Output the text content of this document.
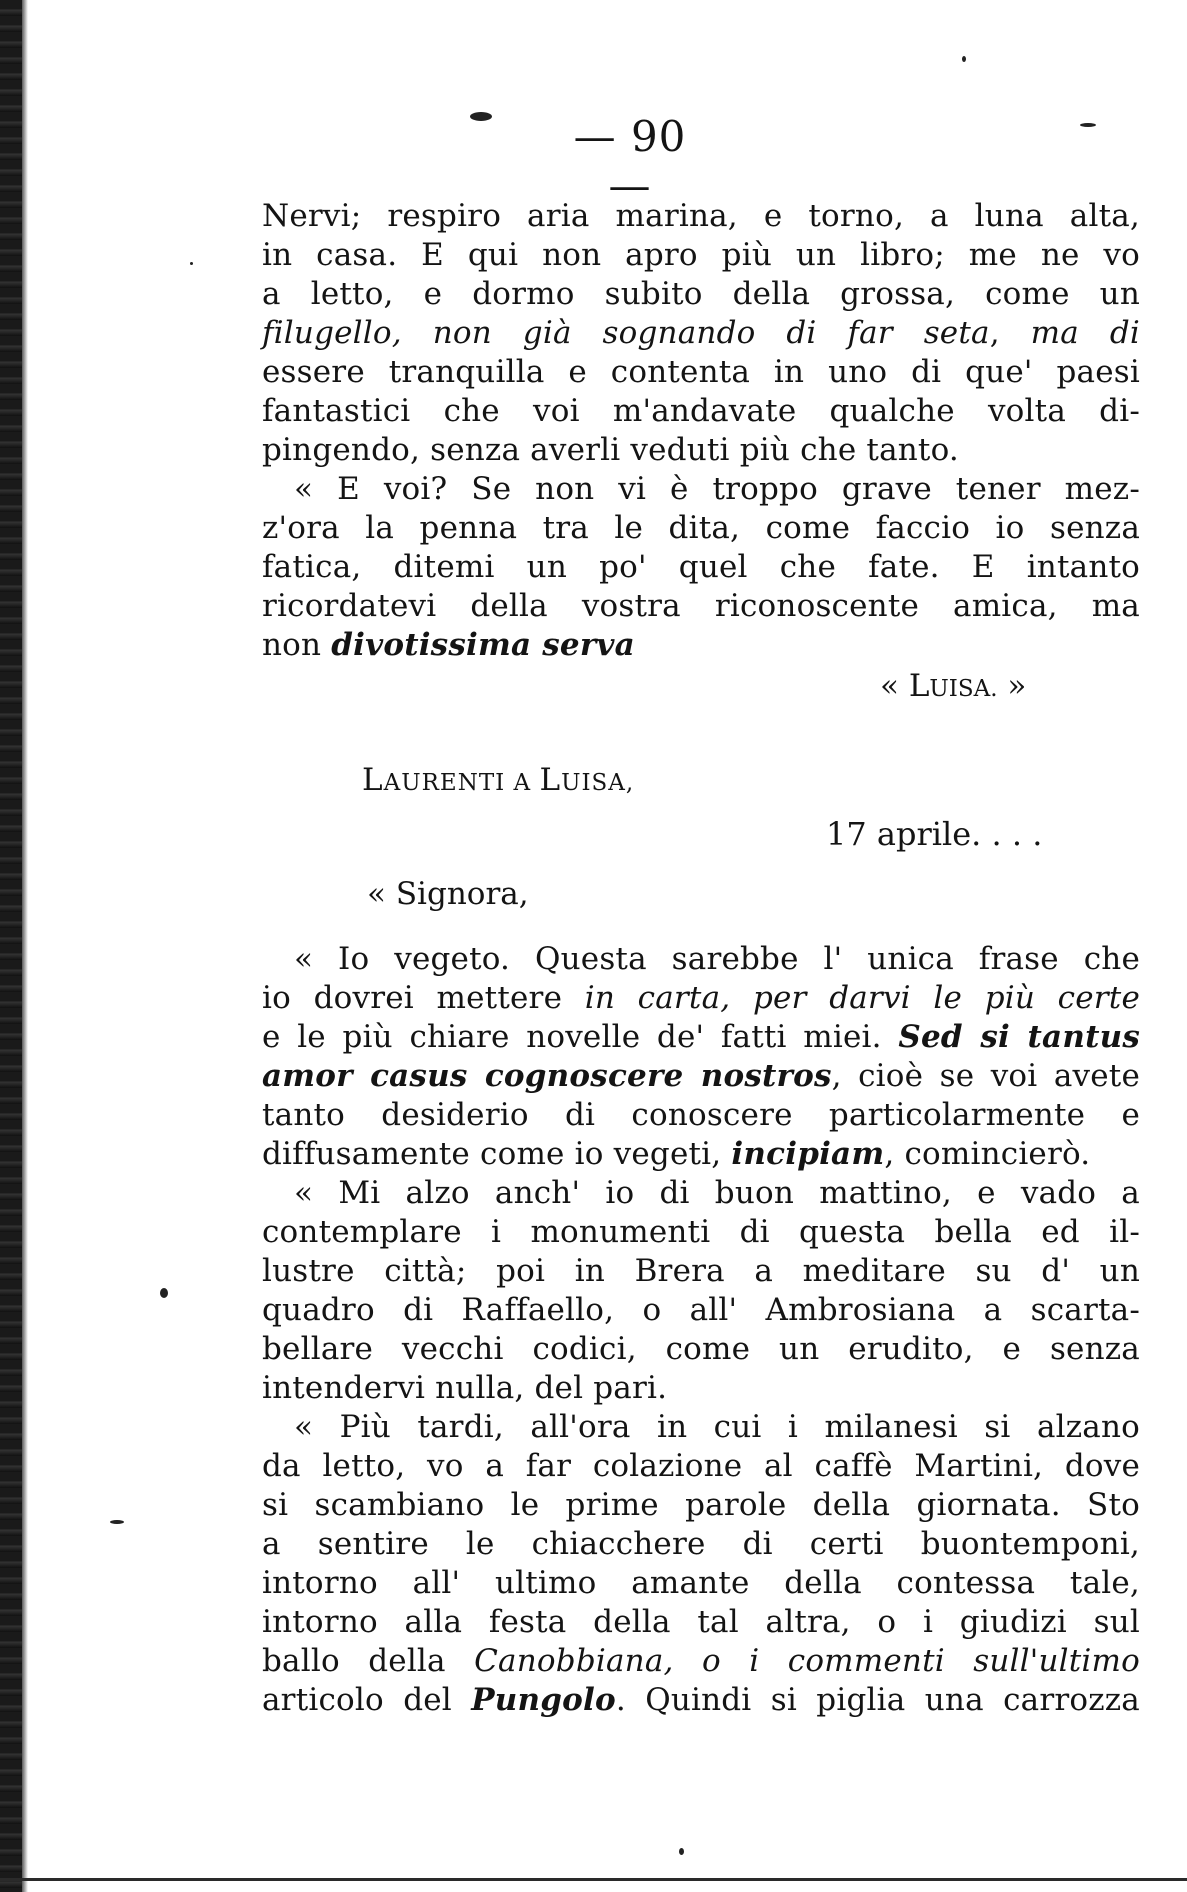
— 90 —
Nervi; respiro aria marina, e torno, a luna alta,
in casa. E qui non apro più un libro; me ne vo
a letto, e dormo subito della grossa, come un
filugello, non già sognando di far seta, ma di
essere tranquilla e contenta in uno di que' paesi
fantastici che voi m'andavate qualche volta di-
pingendo, senza averli veduti più che tanto.
« E voi? Se non vi è troppo grave tener mez-
z'ora la penna tra le dita, come faccio io senza
fatica, ditemi un po' quel che fate. E intanto
ricordatevi della vostra riconoscente amica, ma
non divotissima serva
« LUISA. »
LAURENTI A LUISA,
17 aprile. . . .
« Signora,
« Io vegeto. Questa sarebbe l' unica frase che
io dovrei mettere in carta, per darvi le più certe
e le più chiare novelle de' fatti miei. Sed si tantus
amor casus cognoscere nostros, cioè se voi avete
tanto desiderio di conoscere particolarmente e
diffusamente come io vegeti, incipiam, comincierò.
« Mi alzo anch' io di buon mattino, e vado a
contemplare i monumenti di questa bella ed il-
lustre città; poi in Brera a meditare su d' un
quadro di Raffaello, o all' Ambrosiana a scarta-
bellare vecchi codici, come un erudito, e senza
intendervi nulla, del pari.
« Più tardi, all'ora in cui i milanesi si alzano
da letto, vo a far colazione al caffè Martini, dove
si scambiano le prime parole della giornata. Sto
a sentire le chiacchere di certi buontemponi,
intorno all' ultimo amante della contessa tale,
intorno alla festa della tal altra, o i giudizi sul
ballo della Canobbiana, o i commenti sull'ultimo
articolo del Pungolo. Quindi si piglia una carrozza
